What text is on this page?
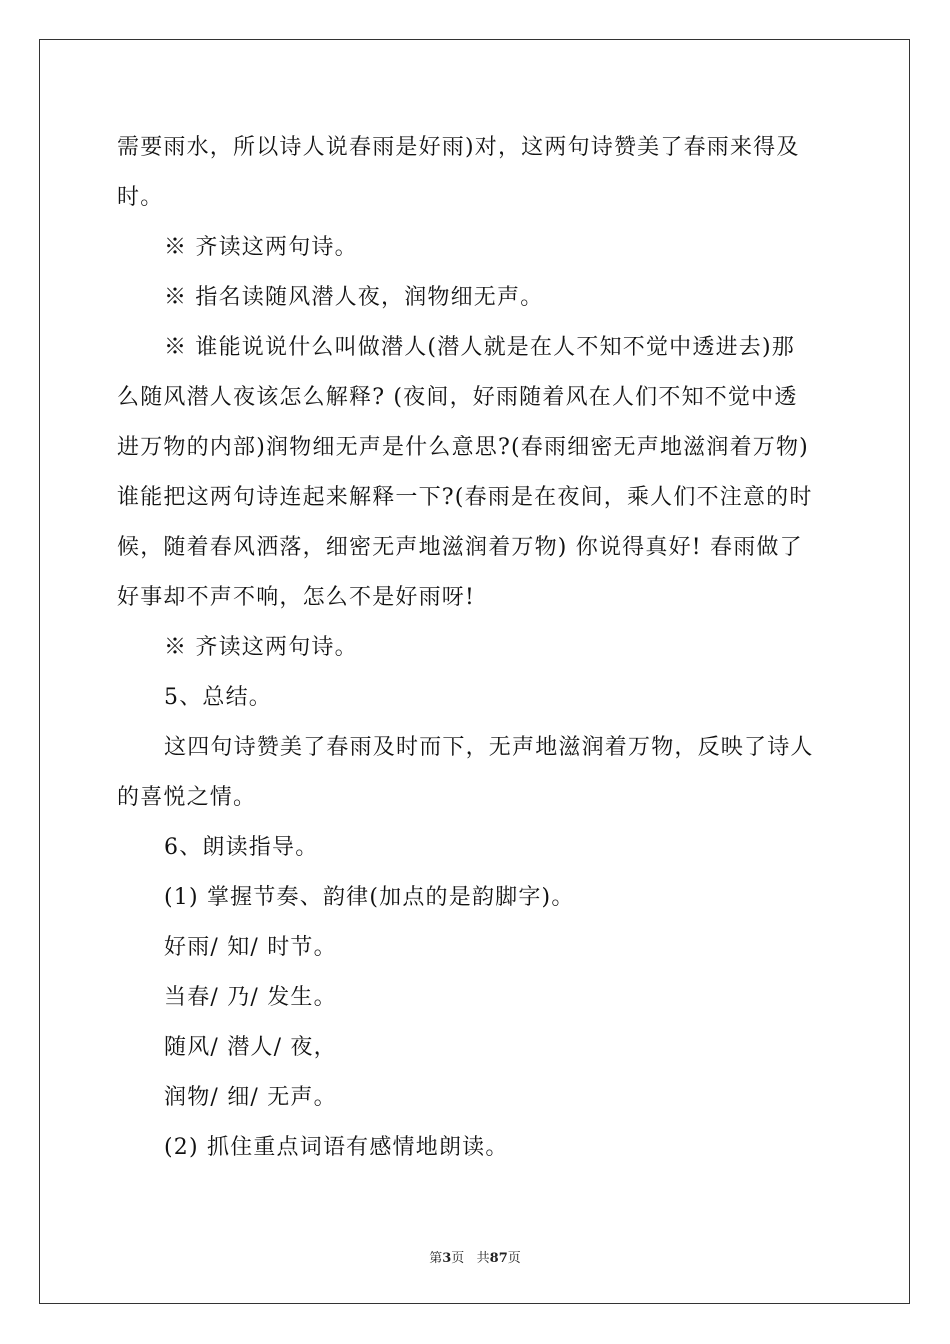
需要雨水，所以诗人说春雨是好雨)对，这两句诗赞美了春雨来得及

时。

※ 齐读这两句诗。

※ 指名读随风潜人夜，润物细无声。

※ 谁能说说什么叫做潜人(潜人就是在人不知不觉中透进去)那

么随风潜人夜该怎么解释? (夜间，好雨随着风在人们不知不觉中透

进万物的内部)润物细无声是什么意思?(春雨细密无声地滋润着万物)

谁能把这两句诗连起来解释一下?(春雨是在夜间，乘人们不注意的时

候，随着春风洒落，细密无声地滋润着万物) 你说得真好! 春雨做了

好事却不声不响，怎么不是好雨呀!

※ 齐读这两句诗。

5、总结。

这四句诗赞美了春雨及时而下，无声地滋润着万物，反映了诗人

的喜悦之情。

6、朗读指导。

(1) 掌握节奏、韵律(加点的是韵脚字)。

好雨/ 知/ 时节。

当春/ 乃/ 发生。

随风/ 潜人/ 夜，

润物/ 细/ 无声。

(2) 抓住重点词语有感情地朗读。

第3页   共87页
